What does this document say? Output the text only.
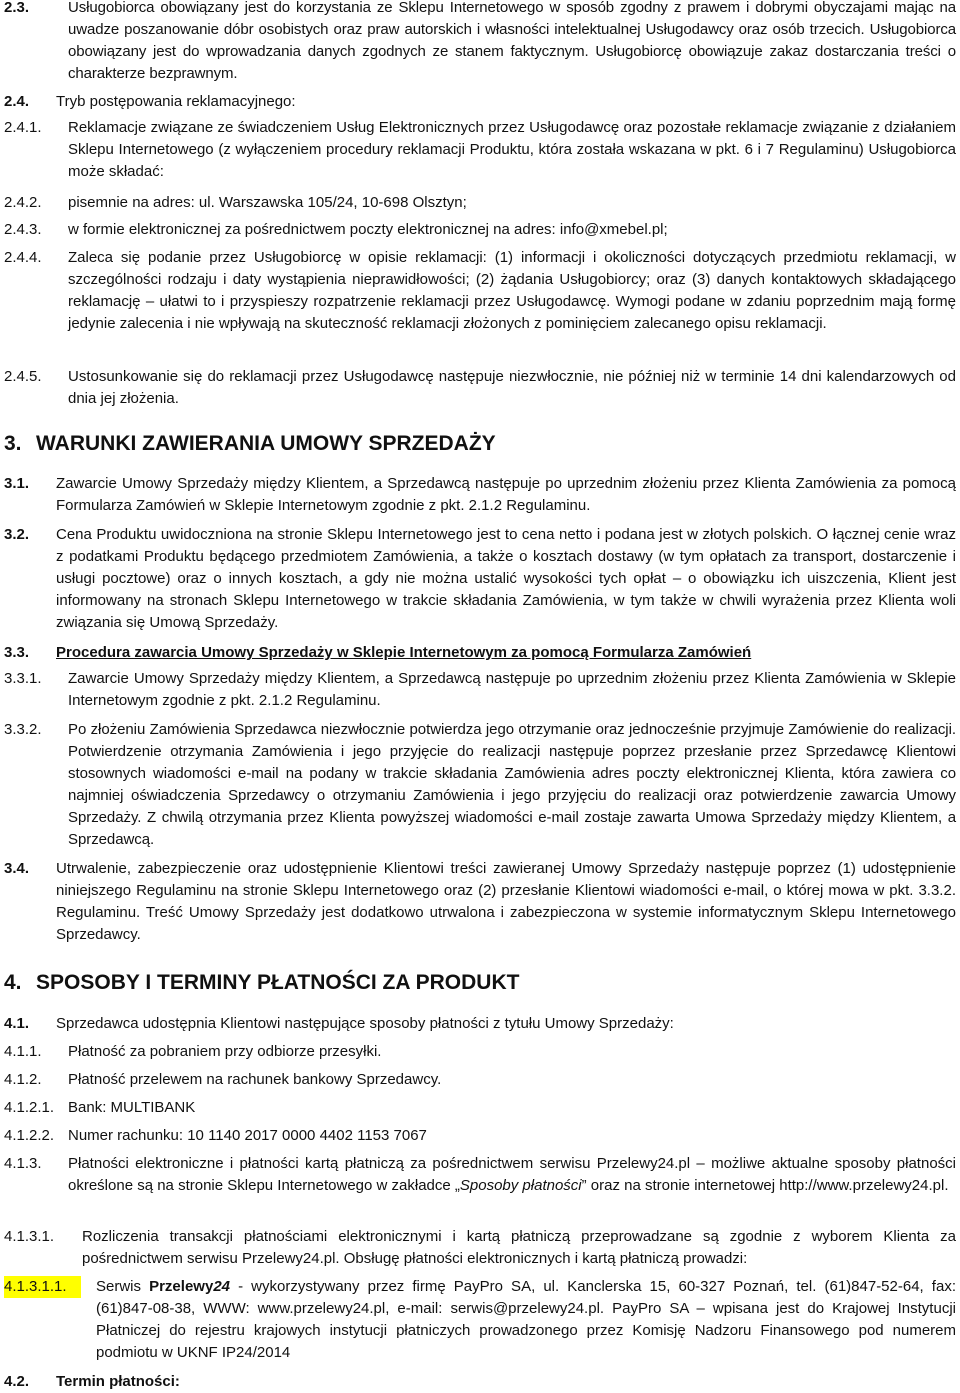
2.3.	Usługobiorca obowiązany jest do korzystania ze Sklepu Internetowego w sposób zgodny z prawem i dobrymi obyczajami mając na uwadze poszanowanie dóbr osobistych oraz praw autorskich i własności intelektualnej Usługodawcy oraz osób trzecich. Usługobiorca obowiązany jest do wprowadzania danych zgodnych ze stanem faktycznym. Usługobiorcę obowiązuje zakaz dostarczania treści o charakterze bezprawnym.
2.4. Tryb postępowania reklamacyjnego:
2.4.1. Reklamacje związane ze świadczeniem Usług Elektronicznych przez Usługodawcę oraz pozostałe reklamacje związanie z działaniem Sklepu Internetowego (z wyłączeniem procedury reklamacji Produktu, która została wskazana w pkt. 6 i 7 Regulaminu) Usługobiorca może składać:
2.4.2. pisemnie na adres: ul. Warszawska 105/24, 10-698 Olsztyn;
2.4.3. w formie elektronicznej za pośrednictwem poczty elektronicznej na adres: info@xmebel.pl;
2.4.4. Zaleca się podanie przez Usługobiorcę w opisie reklamacji: (1) informacji i okoliczności dotyczących przedmiotu reklamacji, w szczególności rodzaju i daty wystąpienia nieprawidłowości; (2) żądania Usługobiorcy; oraz (3) danych kontaktowych składającego reklamację – ułatwi to i przyspieszy rozpatrzenie reklamacji przez Usługodawcę. Wymogi podane w zdaniu poprzednim mają formę jedynie zalecenia i nie wpływają na skuteczność reklamacji złożonych z pominięciem zalecanego opisu reklamacji.
2.4.5. Ustosunkowanie się do reklamacji przez Usługodawcę następuje niezwłocznie, nie później niż w terminie 14 dni kalendarzowych od dnia jej złożenia.
3. WARUNKI ZAWIERANIA UMOWY SPRZEDAŻY
3.1. Zawarcie Umowy Sprzedaży między Klientem, a Sprzedawcą następuje po uprzednim złożeniu przez Klienta Zamówienia za pomocą Formularza Zamówień w Sklepie Internetowym zgodnie z pkt. 2.1.2 Regulaminu.
3.2. Cena Produktu uwidoczniona na stronie Sklepu Internetowego jest to cena netto i podana jest w złotych polskich. O łącznej cenie wraz z podatkami Produktu będącego przedmiotem Zamówienia, a także o kosztach dostawy (w tym opłatach za transport, dostarczenie i usługi pocztowe) oraz o innych kosztach, a gdy nie można ustalić wysokości tych opłat – o obowiązku ich uiszczenia, Klient jest informowany na stronach Sklepu Internetowego w trakcie składania Zamówienia, w tym także w chwili wyrażenia przez Klienta woli związania się Umową Sprzedaży.
3.3. Procedura zawarcia Umowy Sprzedaży w Sklepie Internetowym za pomocą Formularza Zamówień
3.3.1. Zawarcie Umowy Sprzedaży między Klientem, a Sprzedawcą następuje po uprzednim złożeniu przez Klienta Zamówienia w Sklepie Internetowym zgodnie z pkt. 2.1.2 Regulaminu.
3.3.2. Po złożeniu Zamówienia Sprzedawca niezwłocznie potwierdza jego otrzymanie oraz jednocześnie przyjmuje Zamówienie do realizacji. Potwierdzenie otrzymania Zamówienia i jego przyjęcie do realizacji następuje poprzez przesłanie przez Sprzedawcę Klientowi stosownych wiadomości e-mail na podany w trakcie składania Zamówienia adres poczty elektronicznej Klienta, która zawiera co najmniej oświadczenia Sprzedawcy o otrzymaniu Zamówienia i jego przyjęciu do realizacji oraz potwierdzenie zawarcia Umowy Sprzedaży. Z chwilą otrzymania przez Klienta powyższej wiadomości e-mail zostaje zawarta Umowa Sprzedaży między Klientem, a Sprzedawcą.
3.4. Utrwalenie, zabezpieczenie oraz udostępnienie Klientowi treści zawieranej Umowy Sprzedaży następuje poprzez (1) udostępnienie niniejszego Regulaminu na stronie Sklepu Internetowego oraz (2) przesłanie Klientowi wiadomości e-mail, o której mowa w pkt. 3.3.2. Regulaminu. Treść Umowy Sprzedaży jest dodatkowo utrwalona i zabezpieczona w systemie informatycznym Sklepu Internetowego Sprzedawcy.
4. SPOSOBY I TERMINY PŁATNOŚCI ZA PRODUKT
4.1. Sprzedawca udostępnia Klientowi następujące sposoby płatności z tytułu Umowy Sprzedaży:
4.1.1. Płatność za pobraniem przy odbiorze przesyłki.
4.1.2. Płatność przelewem na rachunek bankowy Sprzedawcy.
4.1.2.1. Bank: MULTIBANK
4.1.2.2. Numer rachunku: 10 1140 2017 0000 4402 1153 7067
4.1.3. Płatności elektroniczne i płatności kartą płatniczą za pośrednictwem serwisu Przelewy24.pl – możliwe aktualne sposoby płatności określone są na stronie Sklepu Internetowego w zakładce „Sposoby płatności” oraz na stronie internetowej http://www.przelewy24.pl.
4.1.3.1. Rozliczenia transakcji płatnościami elektronicznymi i kartą płatniczą przeprowadzane są zgodnie z wyborem Klienta za pośrednictwem serwisu Przelewy24.pl. Obsługę płatności elektronicznych i kartą płatniczą prowadzi:
4.1.3.1.1.	Serwis Przelewy24 - wykorzystywany przez firmę PayPro SA, ul. Kanclerska 15, 60-327 Poznań, tel. (61)847-52-64, fax: (61)847-08-38, WWW: www.przelewy24.pl, e-mail: serwis@przelewy24.pl. PayPro SA – wpisana jest do Krajowej Instytucji Płatniczej do rejestru krajowych instytucji płatniczych prowadzonego przez Komisję Nadzoru Finansowego pod numerem podmiotu w UKNF IP24/2014
4.2. Termin płatności:
